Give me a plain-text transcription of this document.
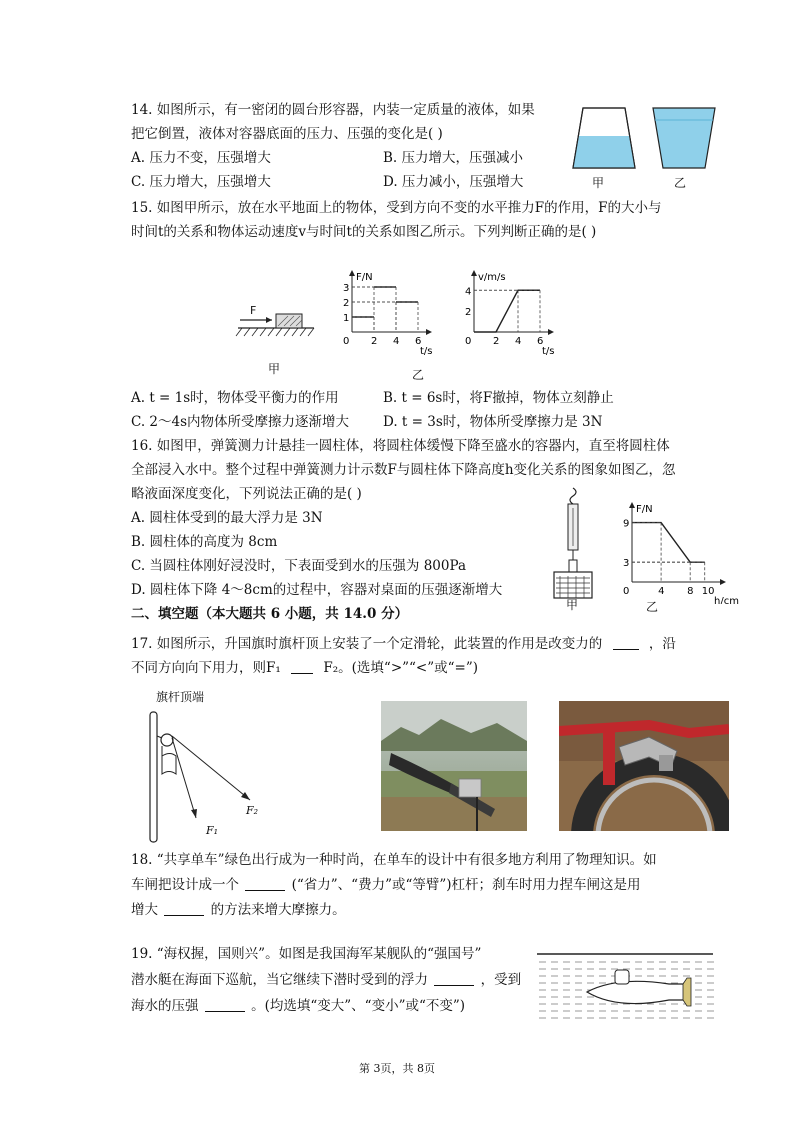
14. 如图所示，有一密闭的圆台形容器，内装一定质量的液体，如果
把它倒置，液体对容器底面的压力、压强的变化是( )
A. 压力不变，压强增大	B. 压力增大，压强减小
C. 压力增大，压强增大	D. 压力减小，压强增大	甲	乙
15. 如图甲所示，放在水平地面上的物体，受到方向不变的水平推力F的作用，F的大小与
时间t的关系和物体运动速度v与时间t的关系如图乙所示。下列判断正确的是( )
F
0 2 4 6
1
2
3
t/s
F/N
0 2 4 6
2
4
t/s
v/m/s
甲	乙
A. t = 1s时，物体受平衡力的作用	B. t = 6s时，将F撤掉，物体立刻静止
C. 2～4s内物体所受摩擦力逐渐增大	D. t = 3s时，物体所受摩擦力是 3N
16. 如图甲，弹簧测力计悬挂一圆柱体，将圆柱体缓慢下降至盛水的容器内，直至将圆柱体
全部浸入水中。整个过程中弹簧测力计示数F与圆柱体下降高度h变化关系的图象如图乙，忽
略液面深度变化，下列说法正确的是( )
A. 圆柱体受到的最大浮力是 3N
B. 圆柱体的高度为 8cm
C. 当圆柱体刚好浸没时，下表面受到水的压强为 800Pa
D. 圆柱体下降 4～8cm的过程中，容器对桌面的压强逐渐增大
甲
0	4 8 10
3
9
h/cm
F/N
乙
二、填空题（本大题共 6 小题，共 14.0 分）
17. 如图所示，升国旗时旗杆顶上安装了一个定滑轮，此装置的作用是改变力的	，沿
不同方向向下用力，则F₁	F₂。(选填“>”“<”或“=”)
旗杆顶端
F₁
F₂
18. “共享单车”绿色出行成为一种时尚，在单车的设计中有很多地方利用了物理知识。如
车闸把设计成一个	(“省力”、“费力”或“等臂”)杠杆；刹车时用力捏车闸这是用
增大	的方法来增大摩擦力。
19. “海权握，国则兴”。如图是我国海军某舰队的“强国号”
潜水艇在海面下巡航，当它继续下潜时受到的浮力	，受到
海水的压强	。(均选填“变大”、“变小”或“不变”)
第 3页，共 8页
